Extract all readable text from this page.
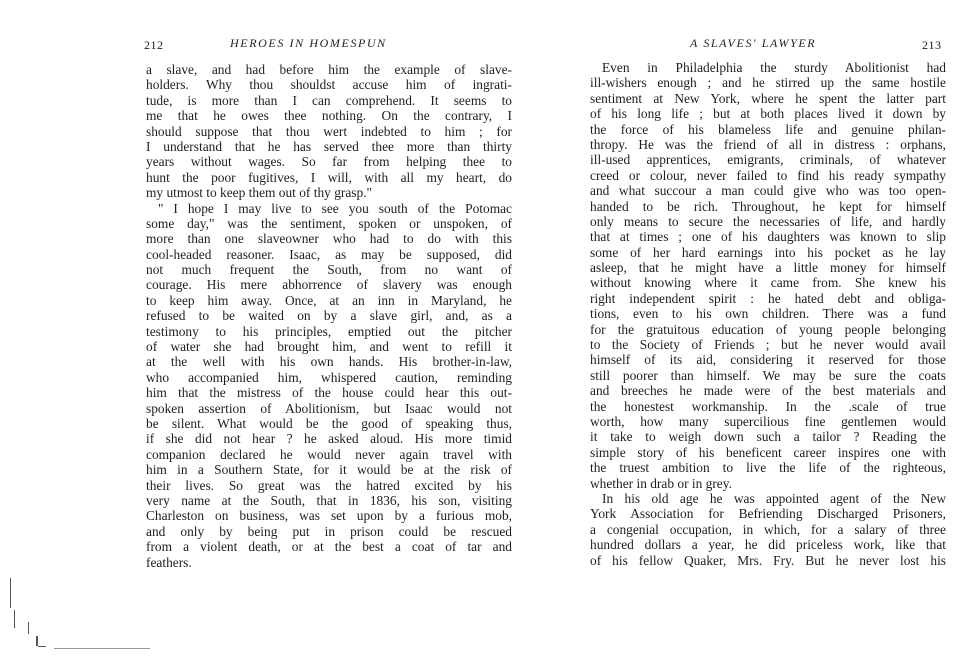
212	HEROES IN HOMESPUN
a slave, and had before him the example of slave-
holders. Why thou shouldst accuse him of ingrati-
tude, is more than I can comprehend. It seems to
me that he owes thee nothing. On the contrary, I
should suppose that thou wert indebted to him ; for
I understand that he has served thee more than thirty
years without wages. So far from helping thee to
hunt the poor fugitives, I will, with all my heart, do
my utmost to keep them out of thy grasp."
" I hope I may live to see you south of the Potomac
some day," was the sentiment, spoken or unspoken, of
more than one slaveowner who had to do with this
cool-headed reasoner. Isaac, as may be supposed, did
not much frequent the South, from no want of
courage. His mere abhorrence of slavery was enough
to keep him away. Once, at an inn in Maryland, he
refused to be waited on by a slave girl, and, as a
testimony to his principles, emptied out the pitcher
of water she had brought him, and went to refill it
at the well with his own hands. His brother-in-law,
who accompanied him, whispered caution, reminding
him that the mistress of the house could hear this out-
spoken assertion of Abolitionism, but Isaac would not
be silent. What would be the good of speaking thus,
if she did not hear ? he asked aloud. His more timid
companion declared he would never again travel with
him in a Southern State, for it would be at the risk of
their lives. So great was the hatred excited by his
very name at the South, that in 1836, his son, visiting
Charleston on business, was set upon by a furious mob,
and only by being put in prison could be rescued
from a violent death, or at the best a coat of tar and
feathers.
A SLAVES' LAWYER	213
Even in Philadelphia the sturdy Abolitionist had
ill-wishers enough ; and he stirred up the same hostile
sentiment at New York, where he spent the latter part
of his long life ; but at both places lived it down by
the force of his blameless life and genuine philan-
thropy. He was the friend of all in distress : orphans,
ill-used apprentices, emigrants, criminals, of whatever
creed or colour, never failed to find his ready sympathy
and what succour a man could give who was too open-
handed to be rich. Throughout, he kept for himself
only means to secure the necessaries of life, and hardly
that at times ; one of his daughters was known to slip
some of her hard earnings into his pocket as he lay
asleep, that he might have a little money for himself
without knowing where it came from. She knew his
right independent spirit : he hated debt and obliga-
tions, even to his own children. There was a fund
for the gratuitous education of young people belonging
to the Society of Friends ; but he never would avail
himself of its aid, considering it reserved for those
still poorer than himself. We may be sure the coats
and breeches he made were of the best materials and
the honestest workmanship. In the .scale of true
worth, how many supercilious fine gentlemen would
it take to weigh down such a tailor ? Reading the
simple story of his beneficent career inspires one with
the truest ambition to live the life of the righteous,
whether in drab or in grey.
In his old age he was appointed agent of the New
York Association for Befriending Discharged Prisoners,
a congenial occupation, in which, for a salary of three
hundred dollars a year, he did priceless work, like that
of his fellow Quaker, Mrs. Fry. But he never lost his
